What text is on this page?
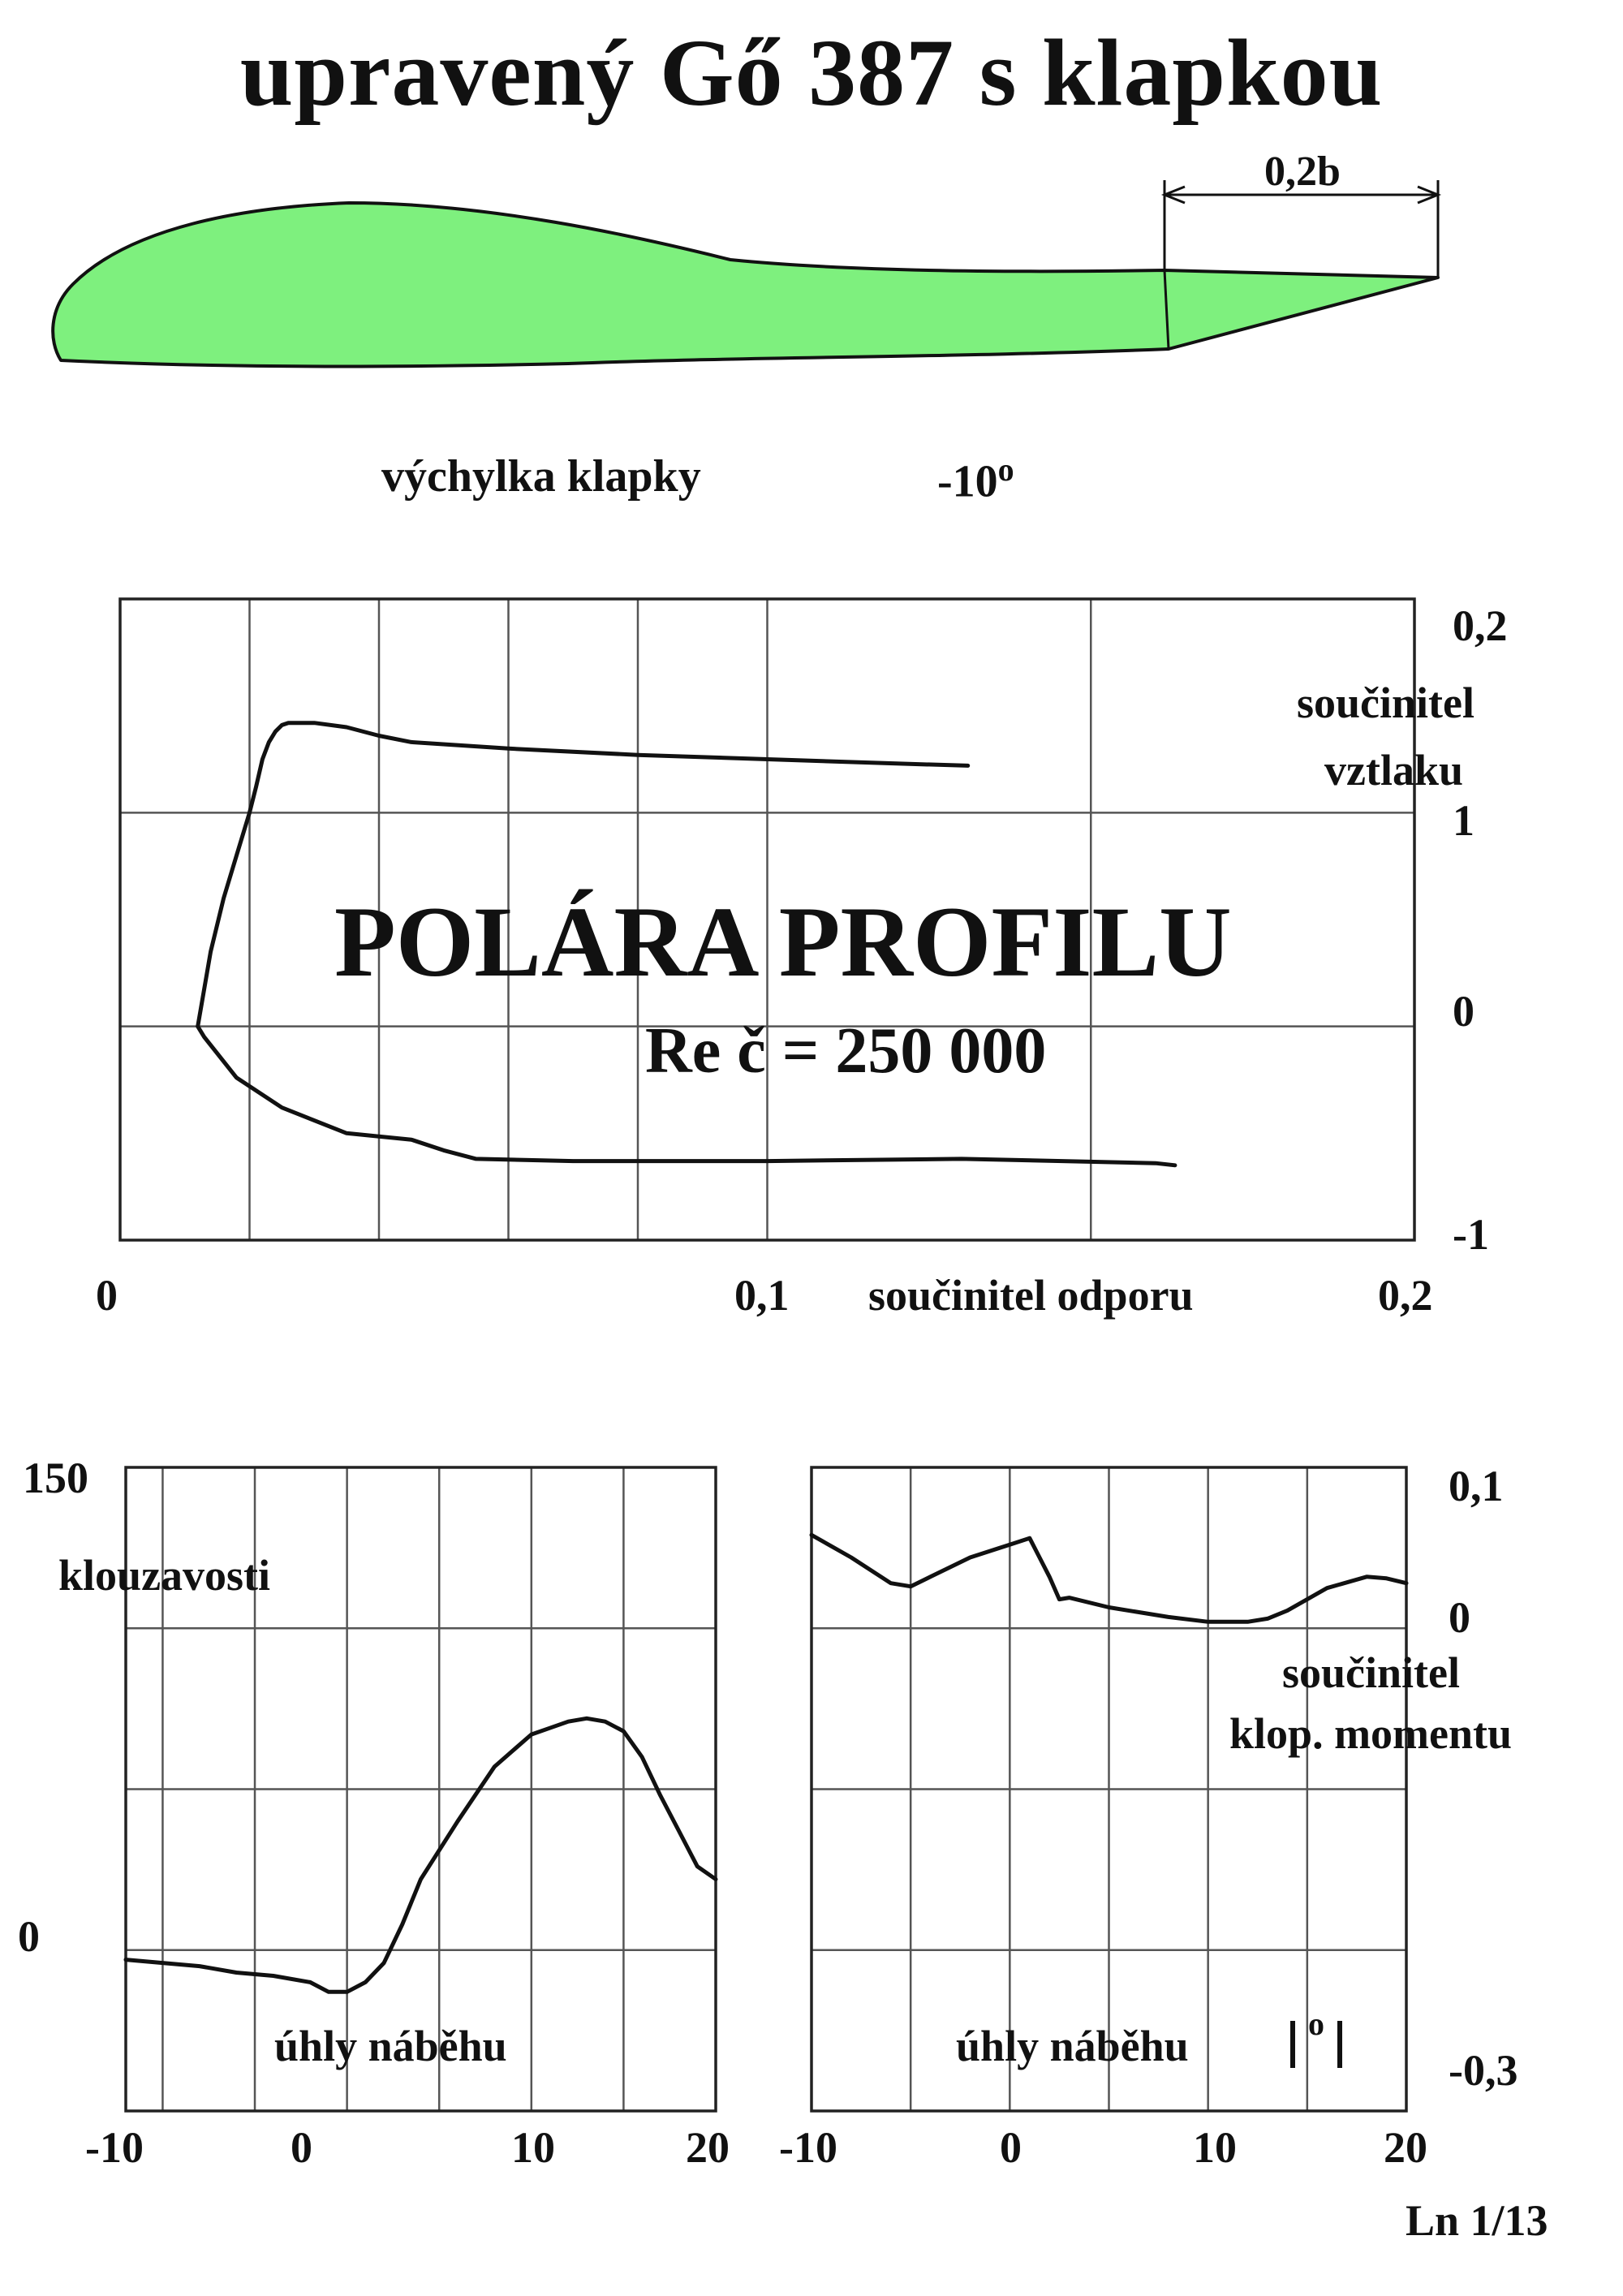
upravený Gő 387 s klapkou
0,2b
výchylka klapky	-10$^o$
POLÁRA PROFILU
Re č = 250 000
součinitel
vztlaku
součinitel odporu
0,2
1
0
-1
0	0,1	0,2
150
0
klouzavosti
úhly náběhu
-10	0	10	20
0,1
0
-0,3
součinitel
klop. momentu
úhly náběhu	o
-10	0	10	20
Ln 1/13
